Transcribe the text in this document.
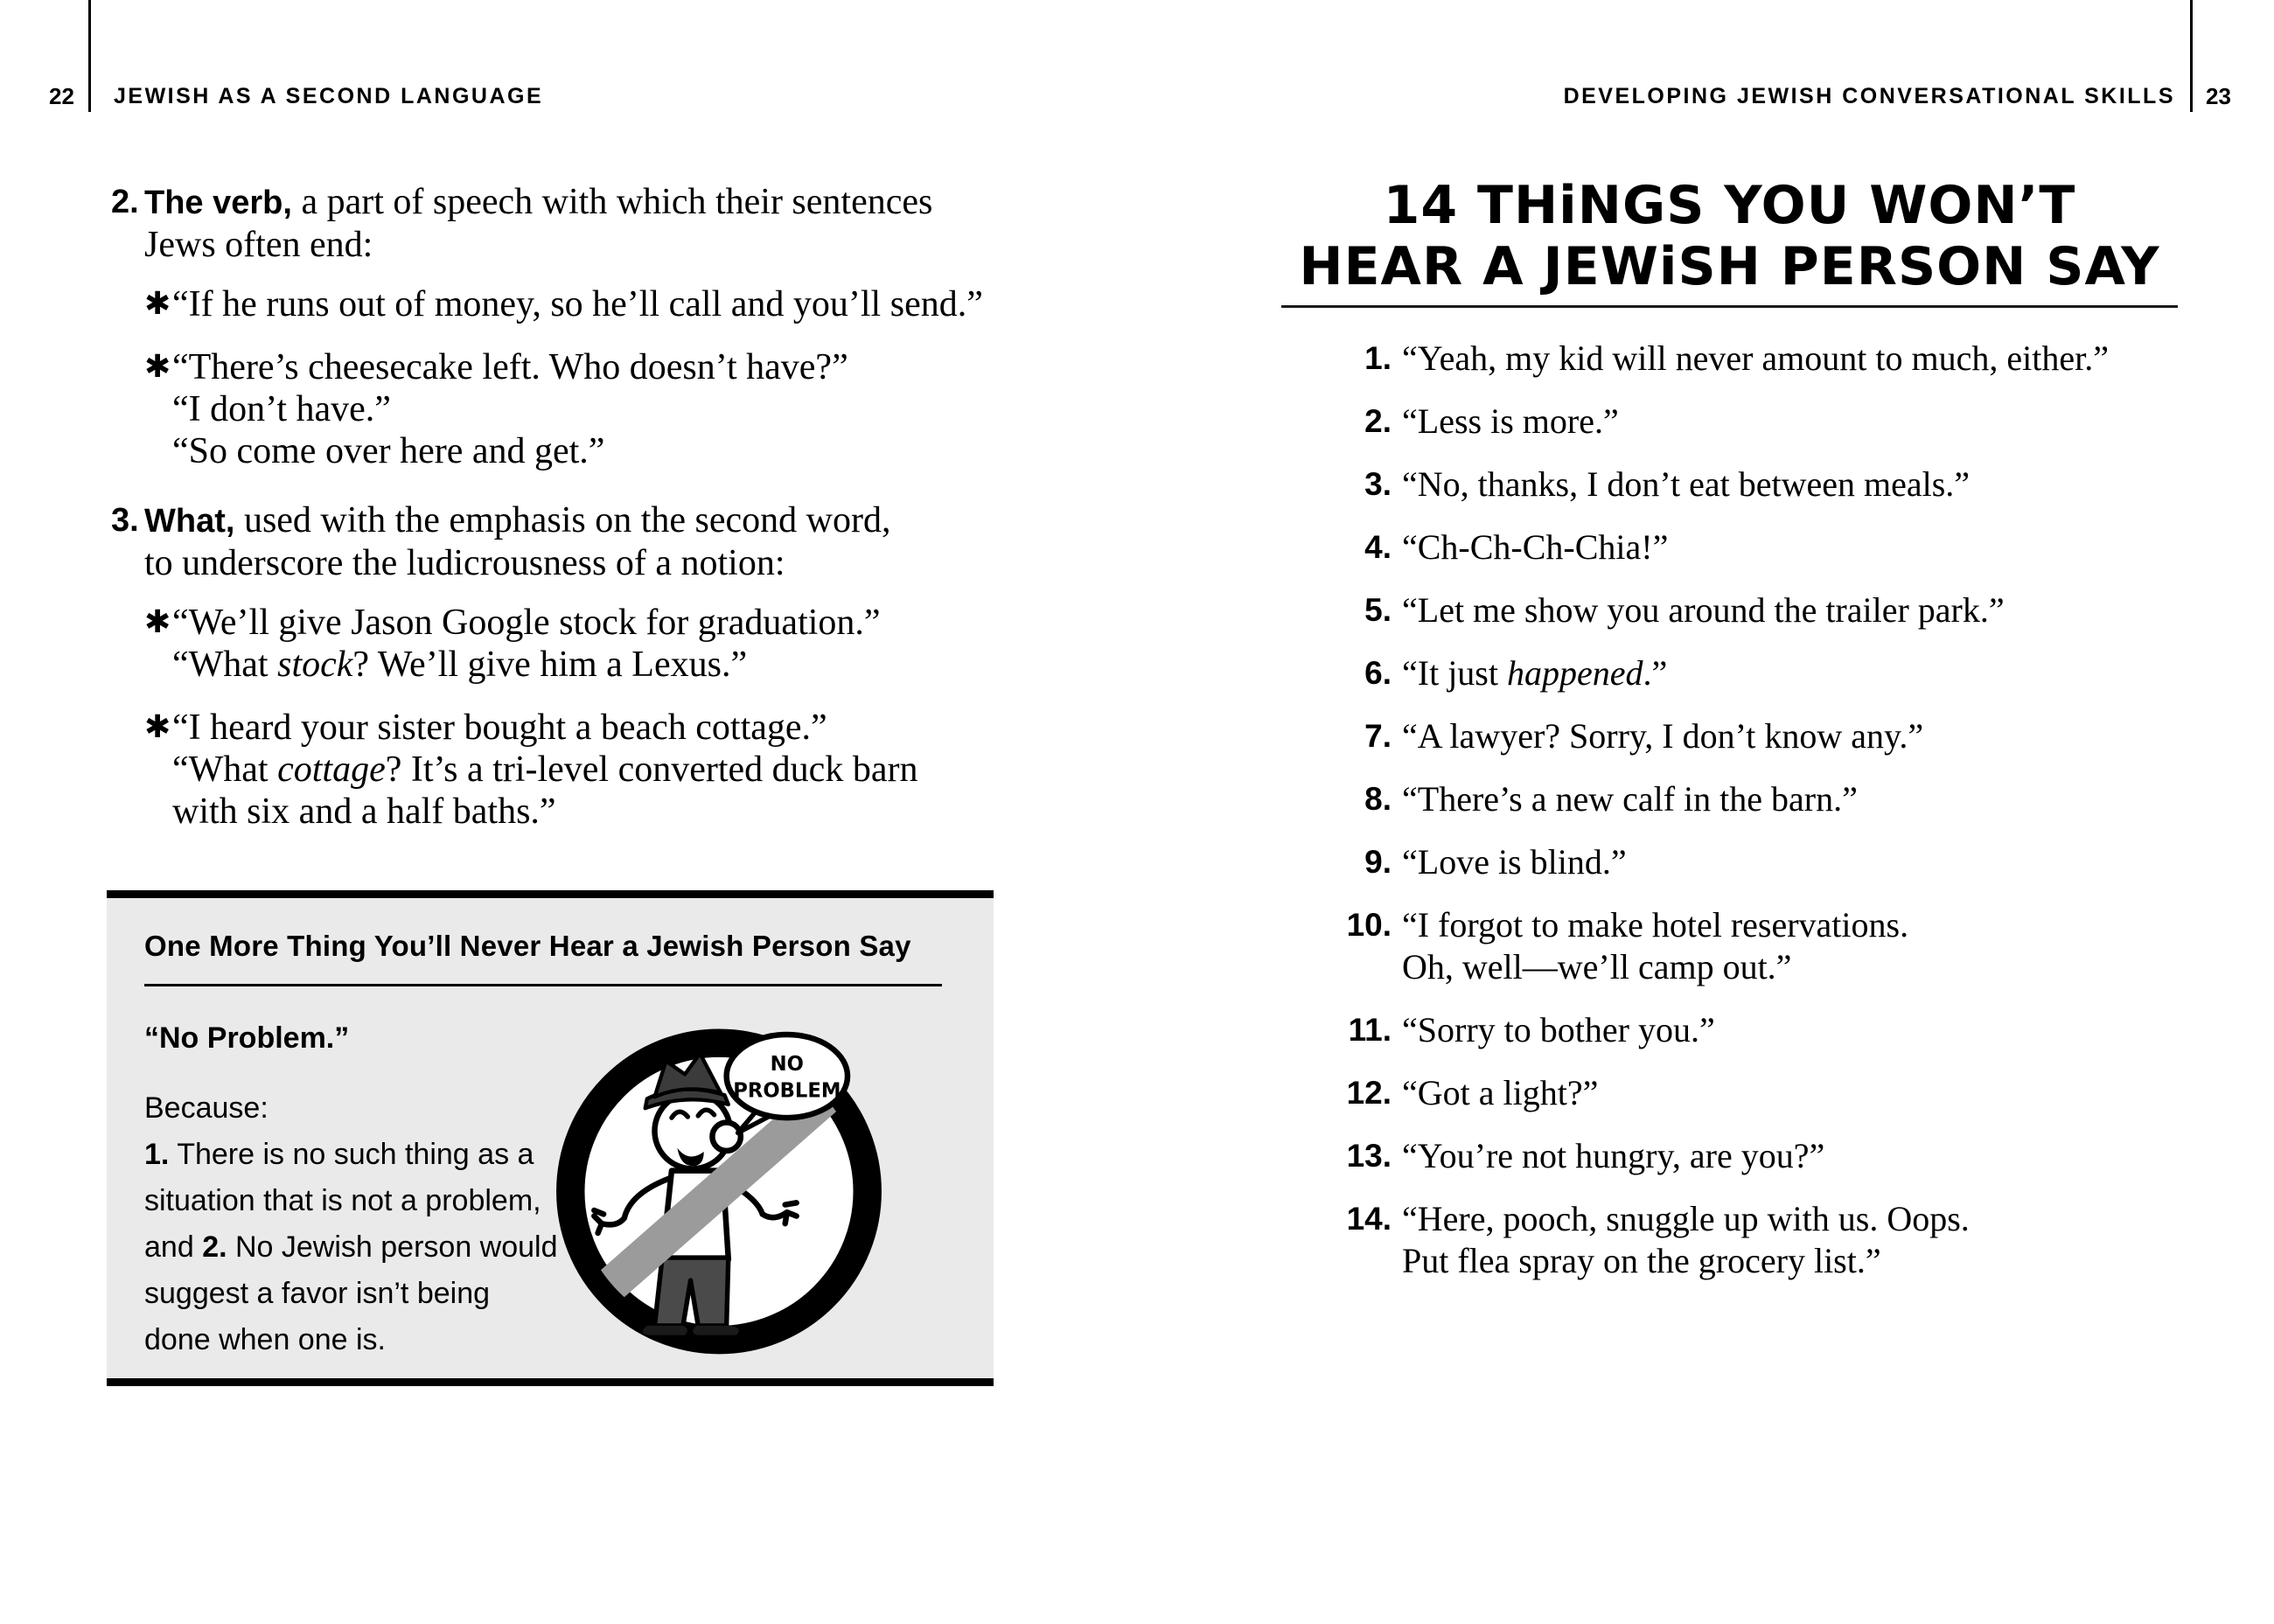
22 JEWISH AS A SECOND LANGUAGE	DEVELOPING JEWISH CONVERSATIONAL SKILLS 23
2. The verb, a part of speech with which their sentences
Jews often end:
✱ “If he runs out of money, so he’ll call and you’ll send.”
✱ “There’s cheesecake left. Who doesn’t have?”
“I don’t have.”
“So come over here and get.”
3. What, used with the emphasis on the second word,
to underscore the ludicrousness of a notion:
✱ “We’ll give Jason Google stock for graduation.”
“What stock? We’ll give him a Lexus.”
✱ “I heard your sister bought a beach cottage.”
“What cottage? It’s a tri-level converted duck barn
with six and a half baths.”
One More Thing You’ll Never Hear a Jewish Person Say
“No Problem.”
Because:
1. There is no such thing as a situation that is not a problem, and 2. No Jewish person would suggest a favor isn’t being done when one is.
NO
PROBLEM
14 THiNGS YOU WON’T
HEAR A JEWiSH PERSON SAY
1. “Yeah, my kid will never amount to much, either.”
2. “Less is more.”
3. “No, thanks, I don’t eat between meals.”
4. “Ch-Ch-Ch-Chia!”
5. “Let me show you around the trailer park.”
6. “It just happened.”
7. “A lawyer? Sorry, I don’t know any.”
8. “There’s a new calf in the barn.”
9. “Love is blind.”
10. “I forgot to make hotel reservations.
Oh, well—we’ll camp out.”
11. “Sorry to bother you.”
12. “Got a light?”
13. “You’re not hungry, are you?”
14. “Here, pooch, snuggle up with us. Oops.
Put flea spray on the grocery list.”
